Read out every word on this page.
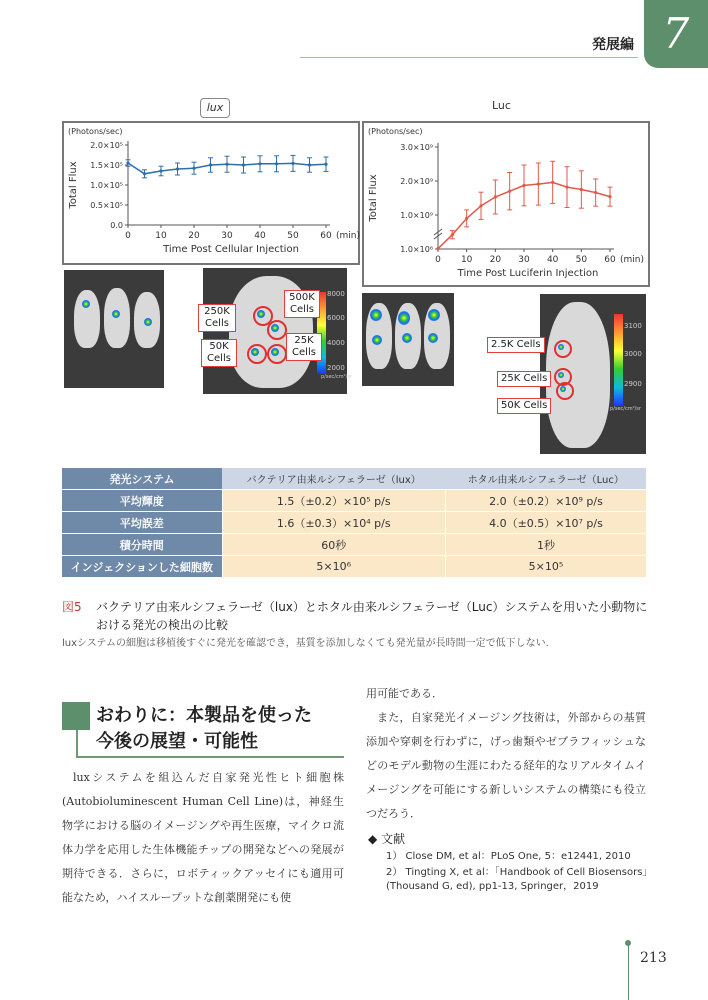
発展編 7
lux	Luc
(Photons/sec)
Total Flux
0.0
0.5×10⁵
1.0×10⁵
1.5×10⁵
2.0×10⁵
0	10 20 30 40 50 60 (min)
Time Post Cellular Injection
(Photons/sec)
Total Flux
1.0×10⁶
1.0×10⁹
2.0×10⁹
3.0×10⁹
0 10 20 30 40 50 60 (min)
Time Post Luciferin Injection
8000
6000
4000
2000
p/sec/cm²/sr
250K Cells
500K Cells
50K Cells
25K Cells
3100
3000
2900
p/sec/cm²/sr
2.5K Cells
25K Cells
50K Cells
発光システム	バクテリア由来ルシフェラーゼ（lux）	ホタル由来ルシフェラーゼ（Luc）
平均輝度	1.5（±0.2）×10⁵ p/s	2.0（±0.2）×10⁹ p/s
平均誤差	1.6（±0.3）×10⁴ p/s	4.0（±0.5）×10⁷ p/s
積分時間	60秒	1秒
インジェクションした細胞数	5×10⁶	5×10⁵
図5 バクテリア由来ルシフェラーゼ（lux）とホタル由来ルシフェラーゼ（Luc）システムを用いた小動物における発光の検出の比較
luxシステムの細胞は移植後すぐに発光を確認でき，基質を添加しなくても発光量が長時間一定で低下しない.
おわりに：本製品を使った
今後の展望・可能性
luxシステムを組込んだ自家発光性ヒト細胞株(Autobioluminescent Human Cell Line)は，神経生物学における脳のイメージングや再生医療，マイクロ流体力学を応用した生体機能チップの開発などへの発展が期待できる．さらに，ロボティックアッセイにも適用可能なため，ハイスループットな創薬開発にも使
用可能である．
また，自家発光イメージング技術は，外部からの基質添加や穿刺を行わずに，げっ歯類やゼブラフィッシュなどのモデル動物の生涯にわたる経年的なリアルタイムイメージングを可能にする新しいシステムの構築にも役立つだろう．
◆ 文献
1） Close DM, et al：PLoS One, 5：e12441, 2010
2） Tingting X, et al：「Handbook of Cell Biosensors」(Thousand G, ed), pp1-13, Springer，2019
213
